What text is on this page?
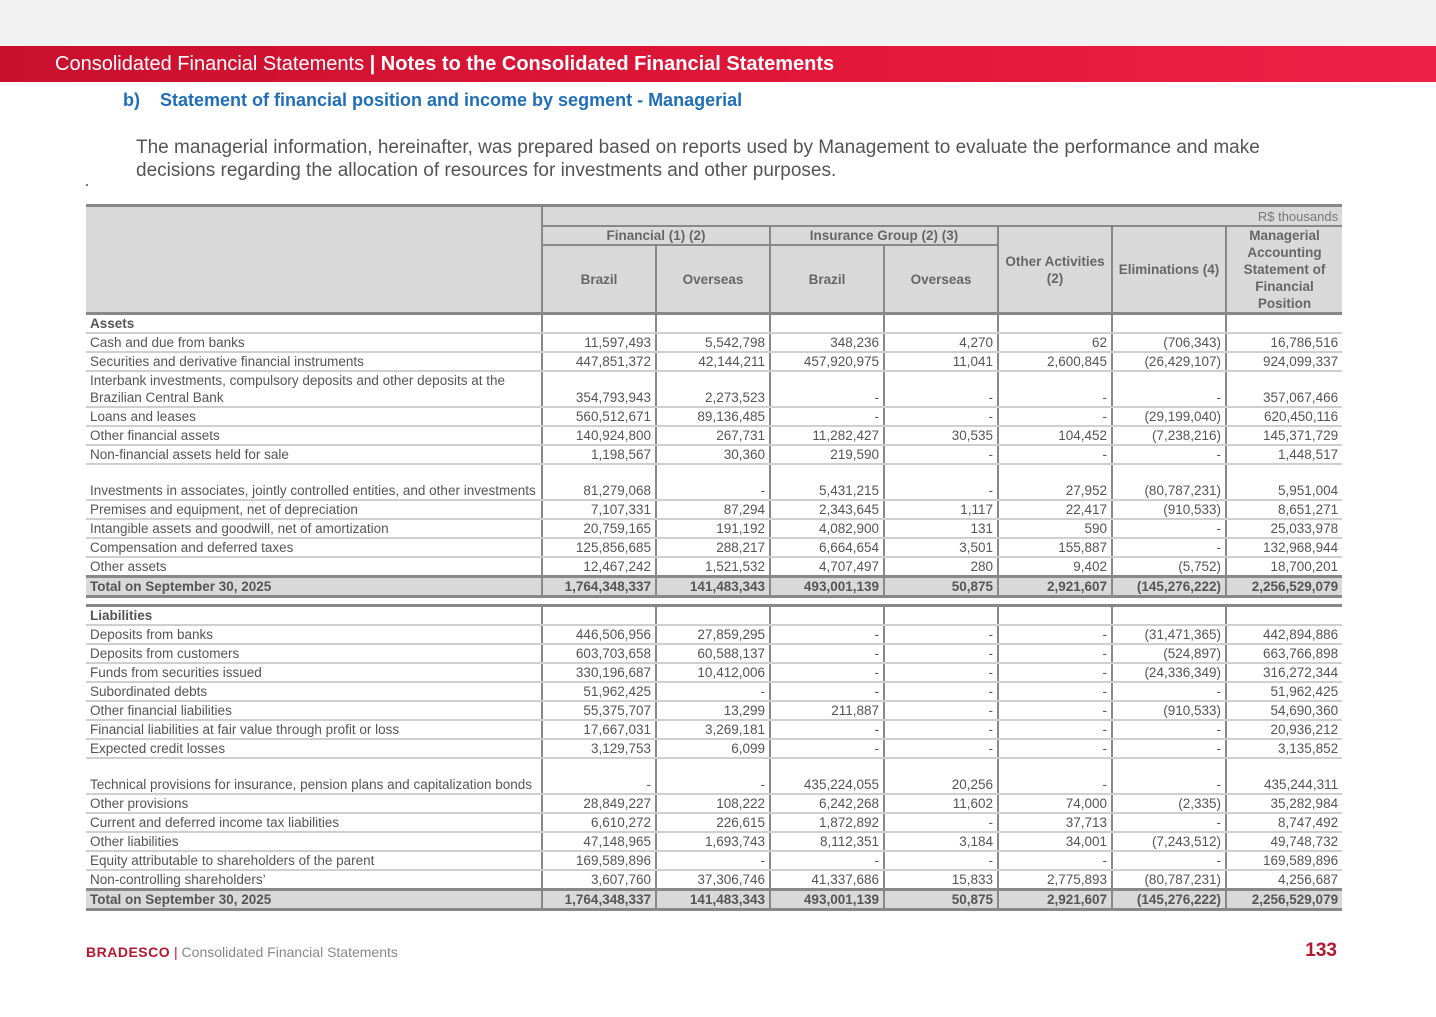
Consolidated Financial Statements | Notes to the Consolidated Financial Statements
b) Statement of financial position and income by segment - Managerial
The managerial information, hereinafter, was prepared based on reports used by Management to evaluate the performance and make decisions regarding the allocation of resources for investments and other purposes.
	R$ thousands						
	Financial (1) (2)		Insurance Group (2) (3)		Other Activities (2)	Eliminations (4)	Managerial Accounting Statement of Financial Position
	Brazil	Overseas	Brazil	Overseas			
Assets							
Cash and due from banks	11,597,493	5,542,798	348,236	4,270	62	(706,343)	16,786,516
Securities and derivative financial instruments	447,851,372	42,144,211	457,920,975	11,041	2,600,845	(26,429,107)	924,099,337
Interbank investments, compulsory deposits and other deposits at the Brazilian Central Bank	354,793,943	2,273,523	-	-	-	-	357,067,466
Loans and leases	560,512,671	89,136,485	-	-	-	(29,199,040)	620,450,116
Other financial assets	140,924,800	267,731	11,282,427	30,535	104,452	(7,238,216)	145,371,729
Non-financial assets held for sale	1,198,567	30,360	219,590	-	-	-	1,448,517
Investments in associates, jointly controlled entities, and other investments	81,279,068	-	5,431,215	-	27,952	(80,787,231)	5,951,004
Premises and equipment, net of depreciation	7,107,331	87,294	2,343,645	1,117	22,417	(910,533)	8,651,271
Intangible assets and goodwill, net of amortization	20,759,165	191,192	4,082,900	131	590	-	25,033,978
Compensation and deferred taxes	125,856,685	288,217	6,664,654	3,501	155,887	-	132,968,944
Other assets	12,467,242	1,521,532	4,707,497	280	9,402	(5,752)	18,700,201
Total on September 30, 2025	1,764,348,337	141,483,343	493,001,139	50,875	2,921,607	(145,276,222)	2,256,529,079

Liabilities							
Deposits from banks	446,506,956	27,859,295	-	-	-	(31,471,365)	442,894,886
Deposits from customers	603,703,658	60,588,137	-	-	-	(524,897)	663,766,898
Funds from securities issued	330,196,687	10,412,006	-	-	-	(24,336,349)	316,272,344
Subordinated debts	51,962,425	-	-	-	-	-	51,962,425
Other financial liabilities	55,375,707	13,299	211,887	-	-	(910,533)	54,690,360
Financial liabilities at fair value through profit or loss	17,667,031	3,269,181	-	-	-	-	20,936,212
Expected credit losses	3,129,753	6,099	-	-	-	-	3,135,852
Technical provisions for insurance, pension plans and capitalization bonds	-	-	435,224,055	20,256	-	-	435,244,311
Other provisions	28,849,227	108,222	6,242,268	11,602	74,000	(2,335)	35,282,984
Current and deferred income tax liabilities	6,610,272	226,615	1,872,892	-	37,713	-	8,747,492
Other liabilities	47,148,965	1,693,743	8,112,351	3,184	34,001	(7,243,512)	49,748,732
Equity attributable to shareholders of the parent	169,589,896	-	-	-	-	-	169,589,896
Non-controlling shareholders’	3,607,760	37,306,746	41,337,686	15,833	2,775,893	(80,787,231)	4,256,687
Total on September 30, 2025	1,764,348,337	141,483,343	493,001,139	50,875	2,921,607	(145,276,222)	2,256,529,079
BRADESCO | Consolidated Financial Statements	133
